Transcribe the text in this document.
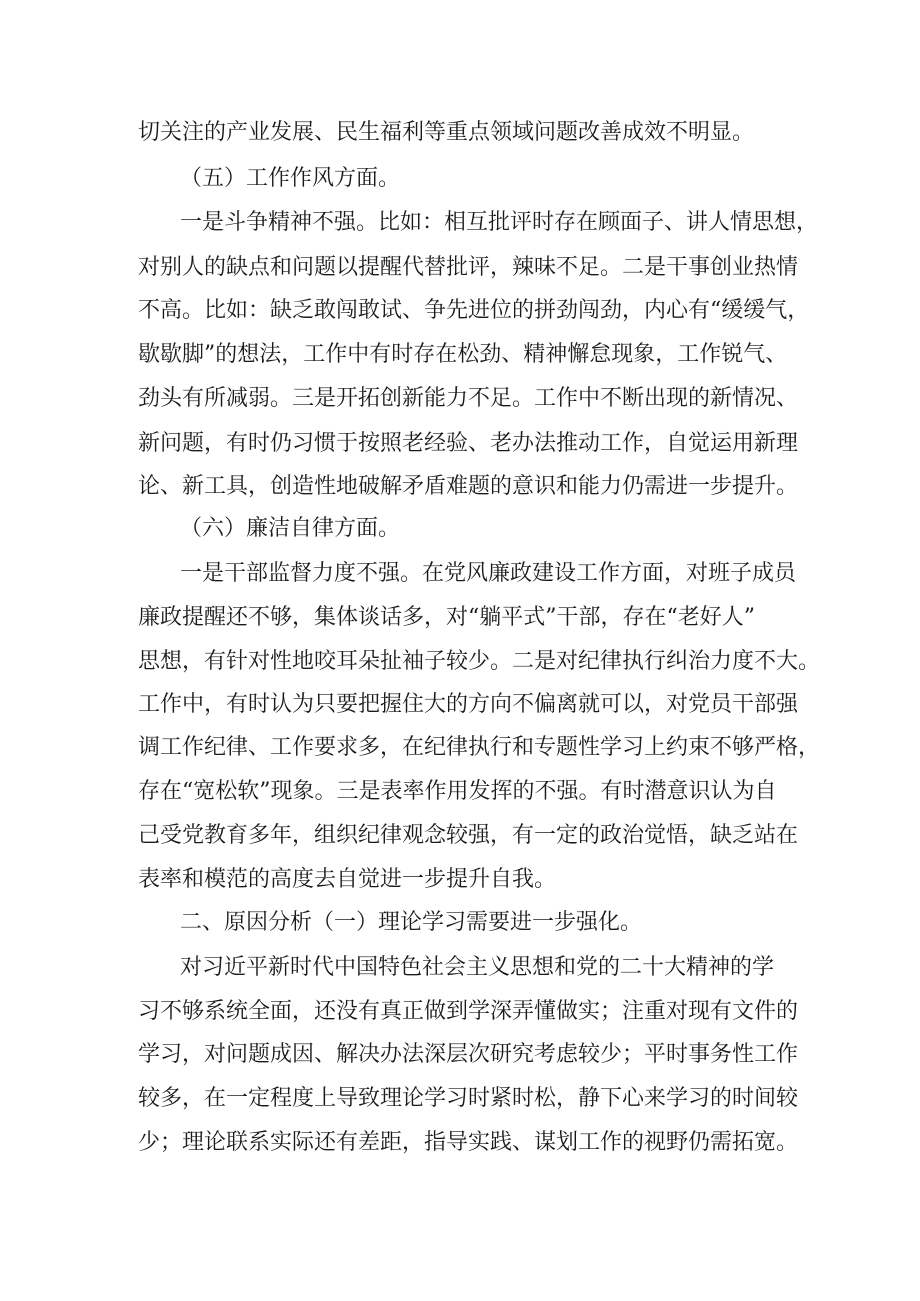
切关注的产业发展、民生福利等重点领域问题改善成效不明显。

（五）工作作风方面。

一是斗争精神不强。比如：相互批评时存在顾面子、讲人情思想，

对别人的缺点和问题以提醒代替批评，辣味不足。二是干事创业热情

不高。比如：缺乏敢闯敢试、争先进位的拼劲闯劲，内心有“缓缓气，

歇歇脚”的想法，工作中有时存在松劲、精神懈怠现象，工作锐气、

劲头有所减弱。三是开拓创新能力不足。工作中不断出现的新情况、

新问题，有时仍习惯于按照老经验、老办法推动工作，自觉运用新理

论、新工具，创造性地破解矛盾难题的意识和能力仍需进一步提升。

（六）廉洁自律方面。

一是干部监督力度不强。在党风廉政建设工作方面，对班子成员

廉政提醒还不够，集体谈话多，对“躺平式”干部，存在“老好人”

思想，有针对性地咬耳朵扯袖子较少。二是对纪律执行纠治力度不大。

工作中，有时认为只要把握住大的方向不偏离就可以，对党员干部强

调工作纪律、工作要求多，在纪律执行和专题性学习上约束不够严格，

存在“宽松软”现象。三是表率作用发挥的不强。有时潜意识认为自

己受党教育多年，组织纪律观念较强，有一定的政治觉悟，缺乏站在

表率和模范的高度去自觉进一步提升自我。

二、原因分析（一）理论学习需要进一步强化。

对习近平新时代中国特色社会主义思想和党的二十大精神的学

习不够系统全面，还没有真正做到学深弄懂做实；注重对现有文件的

学习，对问题成因、解决办法深层次研究考虑较少；平时事务性工作

较多，在一定程度上导致理论学习时紧时松，静下心来学习的时间较

少；理论联系实际还有差距，指导实践、谋划工作的视野仍需拓宽。
